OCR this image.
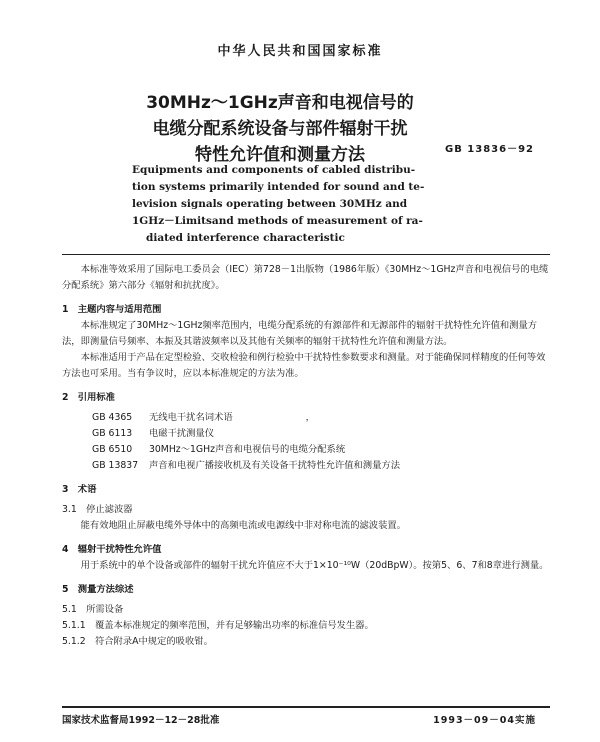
中华人民共和国国家标准
30MHz～1GHz声音和电视信号的
电缆分配系统设备与部件辐射干扰
特性允许值和测量方法	GB 13836－92
Equipments and components of cabled distribu-
tion systems primarily intended for sound and te-
levision signals operating between 30MHz and
1GHz－Limitsand methods of measurement of ra-
diated interference characteristic

本标准等效采用了国际电工委员会（IEC）第728－1出版物（1986年版）《30MHz～1GHz声音和电视信号的电缆分配系统》第六部分《辐射和抗扰度》。

1　主题内容与适用范围

本标准规定了30MHz～1GHz频率范围内，电缆分配系统的有源部件和无源部件的辐射干扰特性允许值和测量方法，即测量信号频率、本振及其谐波频率以及其他有关频率的辐射干扰特性允许值和测量方法。

本标准适用于产品在定型检验、交收检验和例行检验中干扰特性参数要求和测量。对于能确保同样精度的任何等效方法也可采用。当有争议时，应以本标准规定的方法为准。

2　引用标准
GB 4365 无线电干扰名词术语	，
GB 6113 电磁干扰测量仪
GB 6510 30MHz～1GHz声音和电视信号的电缆分配系统
GB 13837 声音和电视广播接收机及有关设备干扰特性允许值和测量方法
3　术语
3.1　停止滤波器

能有效地阻止屏蔽电缆外导体中的高频电流或电源线中非对称电流的滤波装置。

4　辐射干扰特性允许值

用于系统中的单个设备或部件的辐射干扰允许值应不大于1×10⁻¹⁰W（20dBpW）。按第5、6、7和8章进行测量。

5　测量方法综述
5.1　所需设备
5.1.1　覆盖本标准规定的频率范围，并有足够输出功率的标准信号发生器。
5.1.2　符合附录A中规定的吸收钳。
国家技术监督局1992－12－28批准	1993－09－04实施
